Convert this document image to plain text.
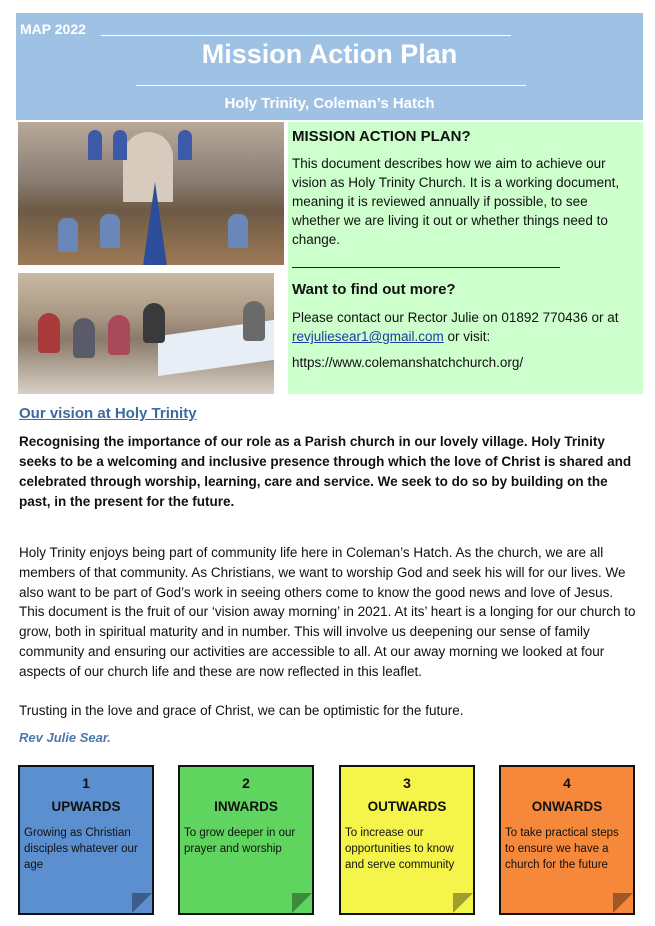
MAP 2022
Mission Action Plan
Holy Trinity, Coleman’s Hatch
MISSION ACTION PLAN?

This document describes how we aim to achieve our vision as Holy Trinity Church. It is a working document, meaning it is reviewed annually if possible, to see whether we are living it out or whether things need to change.

Want to find out more?

Please contact our Rector Julie on 01892 770436 or at revjuliesear1@gmail.com or visit:

https://www.colemanshatchchurch.org/

Our vision at Holy Trinity

Recognising the importance of our role as a Parish church in our lovely village. Holy Trinity seeks to be a welcoming and inclusive presence through which the love of Christ is shared and celebrated through worship, learning, care and service. We seek to do so by building on the past, in the present for the future.

Holy Trinity enjoys being part of community life here in Coleman’s Hatch. As the church, we are all members of that community. As Christians, we want to worship God and seek his will for our lives. We also want to be part of God’s work in seeing others come to know the good news and love of Jesus. This document is the fruit of our ‘vision away morning’ in 2021. At its’ heart is a longing for our church to grow, both in spiritual maturity and in number. This will involve us deepening our sense of family community and ensuring our activities are accessible to all. At our away morning we looked at four aspects of our church life and these are now reflected in this leaflet.

Trusting in the love and grace of Christ, we can be optimistic for the future.

Rev Julie Sear.
1
UPWARDS
Growing as Christian disciples whatever our age
2
INWARDS
To grow deeper in our prayer and worship
3
OUTWARDS
To increase our opportunities to know and serve community
4
ONWARDS
To take practical steps to ensure we have a church for the future
